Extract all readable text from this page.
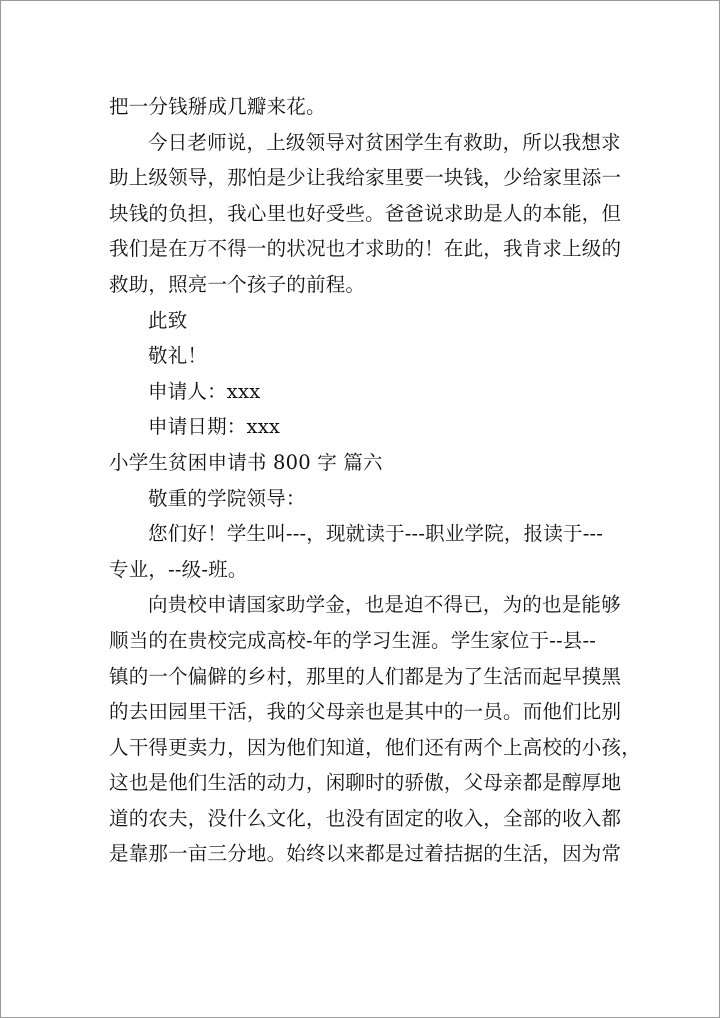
把一分钱掰成几瓣来花。
今日老师说，上级领导对贫困学生有救助，所以我想求
助上级领导，那怕是少让我给家里要一块钱，少给家里添一
块钱的负担，我心里也好受些。爸爸说求助是人的本能，但
我们是在万不得一的状况也才求助的！在此，我肯求上级的
救助，照亮一个孩子的前程。
此致
敬礼！
申请人：xxx
申请日期：xxx
小学生贫困申请书 800 字 篇六
敬重的学院领导：
您们好！学生叫---，现就读于---职业学院，报读于---
专业，--级-班。
向贵校申请国家助学金，也是迫不得已，为的也是能够
顺当的在贵校完成高校-年的学习生涯。学生家位于--县--
镇的一个偏僻的乡村，那里的人们都是为了生活而起早摸黑
的去田园里干活，我的父母亲也是其中的一员。而他们比别
人干得更卖力，因为他们知道，他们还有两个上高校的小孩，
这也是他们生活的动力，闲聊时的骄傲，父母亲都是醇厚地
道的农夫，没什么文化，也没有固定的收入，全部的收入都
是靠那一亩三分地。始终以来都是过着拮据的生活，因为常
